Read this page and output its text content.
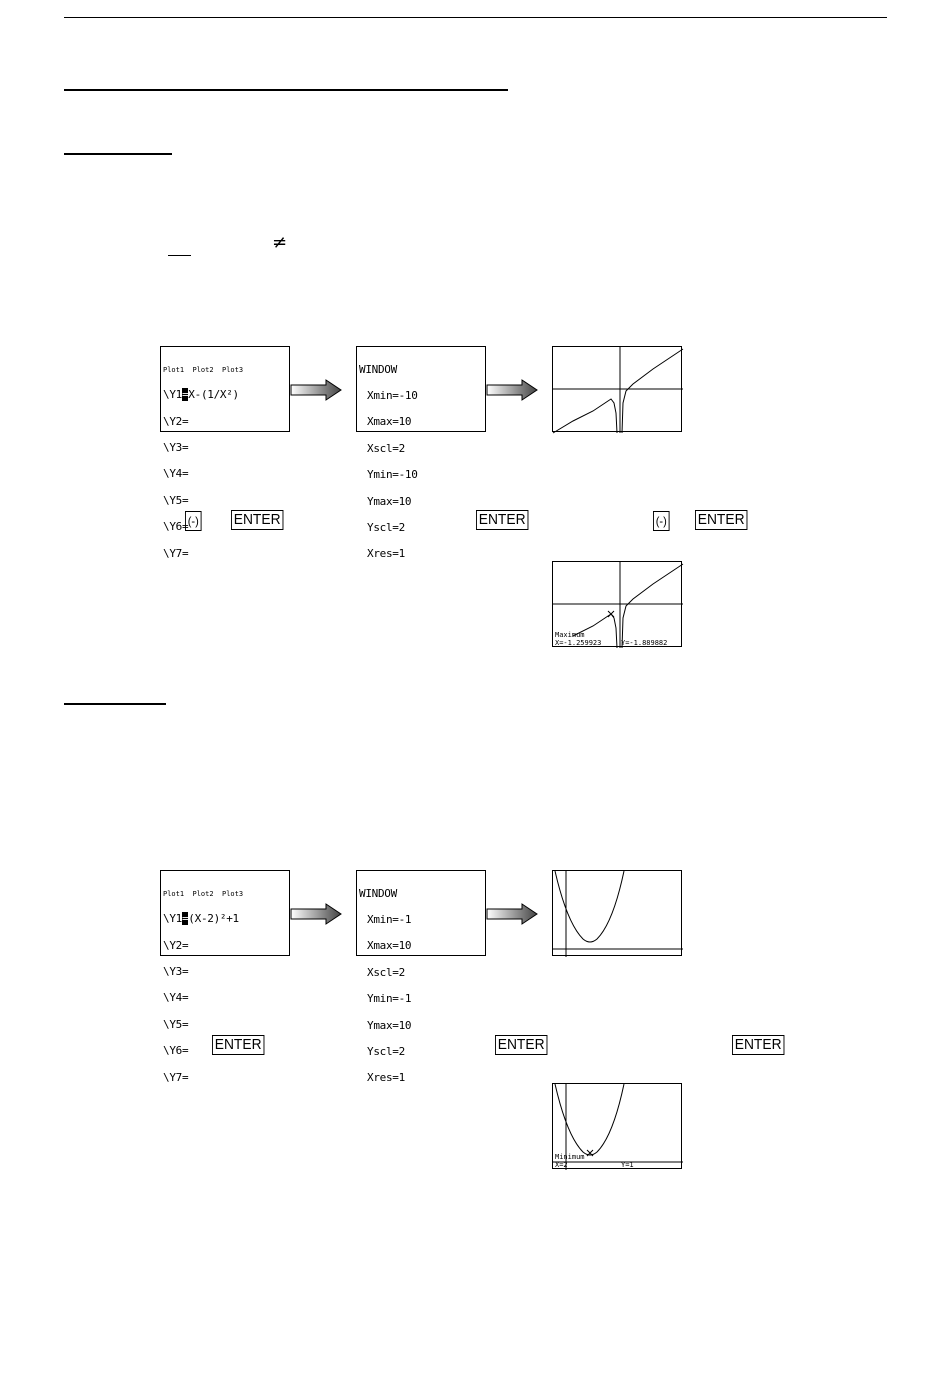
≠

Plot1  Plot2  Plot3

\Y1=X-(1/X²)

\Y2=

\Y3=

\Y4=

\Y5=

\Y6=

\Y7=

WINDOW

Xmin=-10

Xmax=10

Xscl=2

Ymin=-10

Ymax=10

Yscl=2

Xres=1

(-) ENTER	ENTER	(-) ENTER
Maximum
X=-1.259923	Y=-1.889882

Plot1  Plot2  Plot3

\Y1=(X-2)²+1

\Y2=

\Y3=

\Y4=

\Y5=

\Y6=

\Y7=

WINDOW

Xmin=-1

Xmax=10

Xscl=2

Ymin=-1

Ymax=10

Yscl=2

Xres=1

ENTER	ENTER	ENTER
Minimum
X=2	Y=1
